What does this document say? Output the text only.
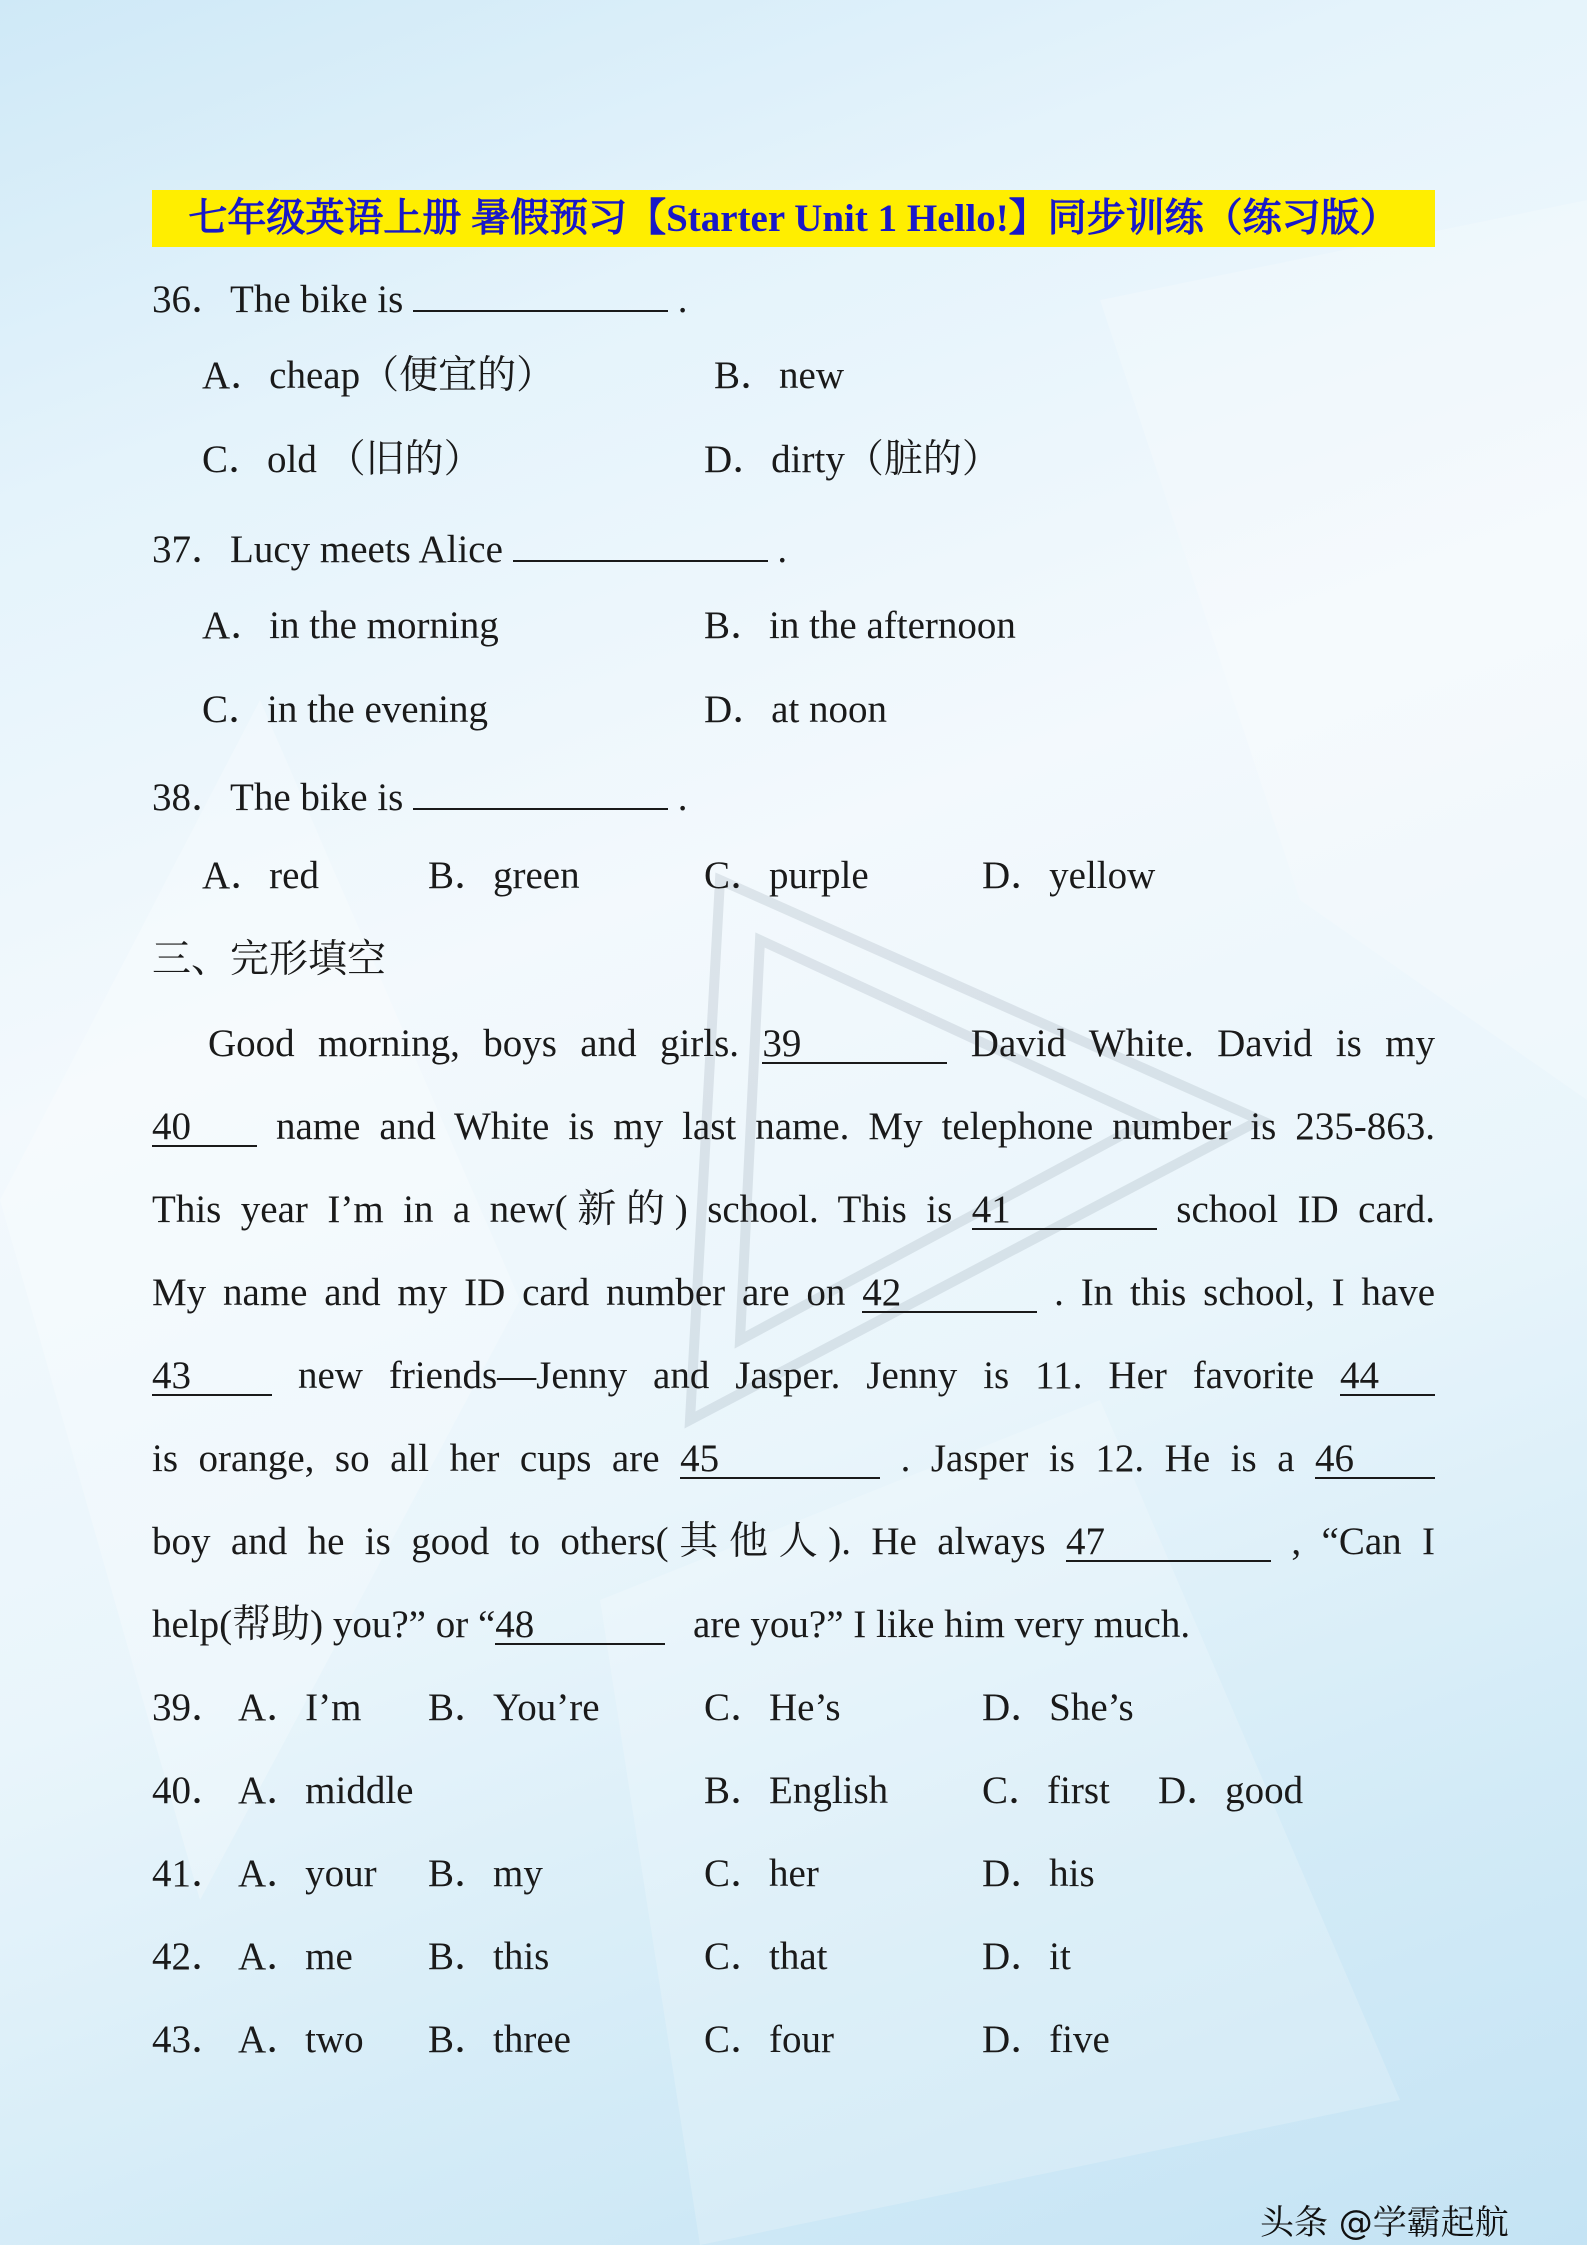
七年级英语上册 暑假预习【Starter Unit 1 Hello!】同步训练（练习版）
36．The bike is	.
A．cheap（便宜的）	B．new
C．old （旧的）	D．dirty（脏的）
37．Lucy meets Alice	.
A．in the morning	B．in the afternoon
C．in the evening	D．at noon
38．The bike is	.
A．red	B．green	C．purple	D．yellow
三、完形填空
Good morning, boys and girls. 39	David White. David is my
40 name and White is my last name. My telephone number is 235-863.
This year I’m in a new(新的) school. This is 41	school ID card.
My name and my ID card number are on 42	. In this school, I have
43	new friends—Jenny and Jasper. Jenny is 11. Her favorite 44
is orange, so all her cups are 45	. Jasper is 12. He is a 46
boy and he is good to others(其他人). He always 47	, “Can I
help(帮助) you?” or “48	are you?” I like him very much.
39． A．I’m B．You’re	C．He’s	D．She’s
40． A．middle	B．English C．first D．good
41． A．your B．my	C．her	D．his
42． A．me B．this	C．that	D．it
43． A．two B．three	C．four	D．five
头条 @学霸起航
